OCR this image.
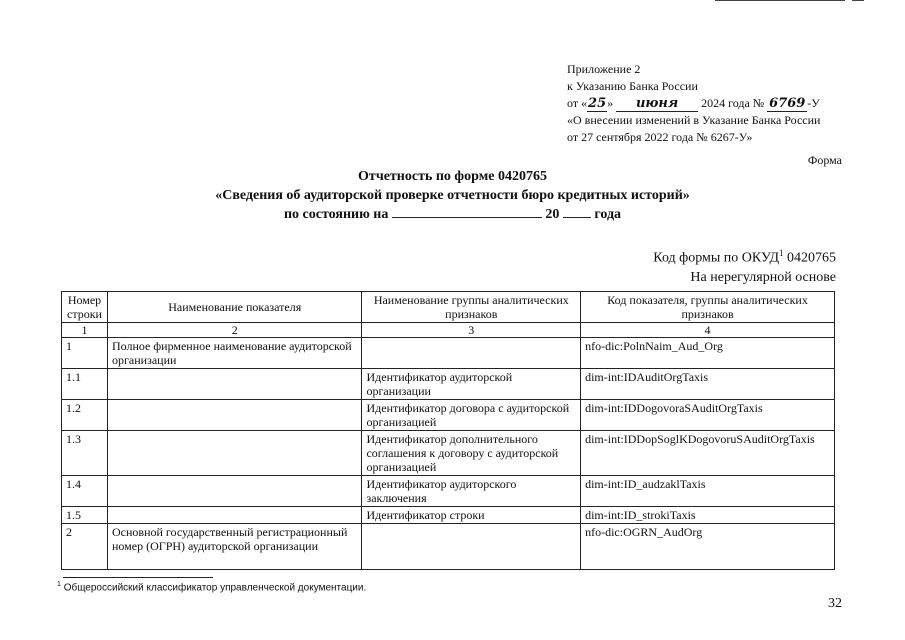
Приложение 2
к Указанию Банка России
от «25» июня 2024 года № 6769 -У
«О внесении изменений в Указание Банка России
от 27 сентября 2022 года № 6267-У»
Форма
Отчетность по форме 0420765
«Сведения об аудиторской проверке отчетности бюро кредитных историй»
по состоянию на	20	года
Код формы по ОКУД$^1$ 0420765
На нерегулярной основе
Номер строки	Наименование показателя	Наименование группы аналитических признаков	Код показателя, группы аналитических признаков
1	2	3	4
1	Полное фирменное наименование аудиторской организации		nfo-dic:PolnNaim_Aud_Org
1.1		Идентификатор аудиторской организации	dim-int:IDAuditOrgTaxis
1.2		Идентификатор договора с аудиторской организацией	dim-int:IDDogovoraSAuditOrgTaxis
1.3		Идентификатор дополнительного соглашения к договору с аудиторской организацией	dim-int:IDDopSoglKDogovoruSAuditOrgTaxis
1.4		Идентификатор аудиторского заключения	dim-int:ID_audzaklTaxis
1.5		Идентификатор строки	dim-int:ID_strokiTaxis
2	Основной государственный регистрационный номер (ОГРН) аудиторской организации		nfo-dic:OGRN_AudOrg
$^1$ Общероссийский классификатор управленческой документации.
32
